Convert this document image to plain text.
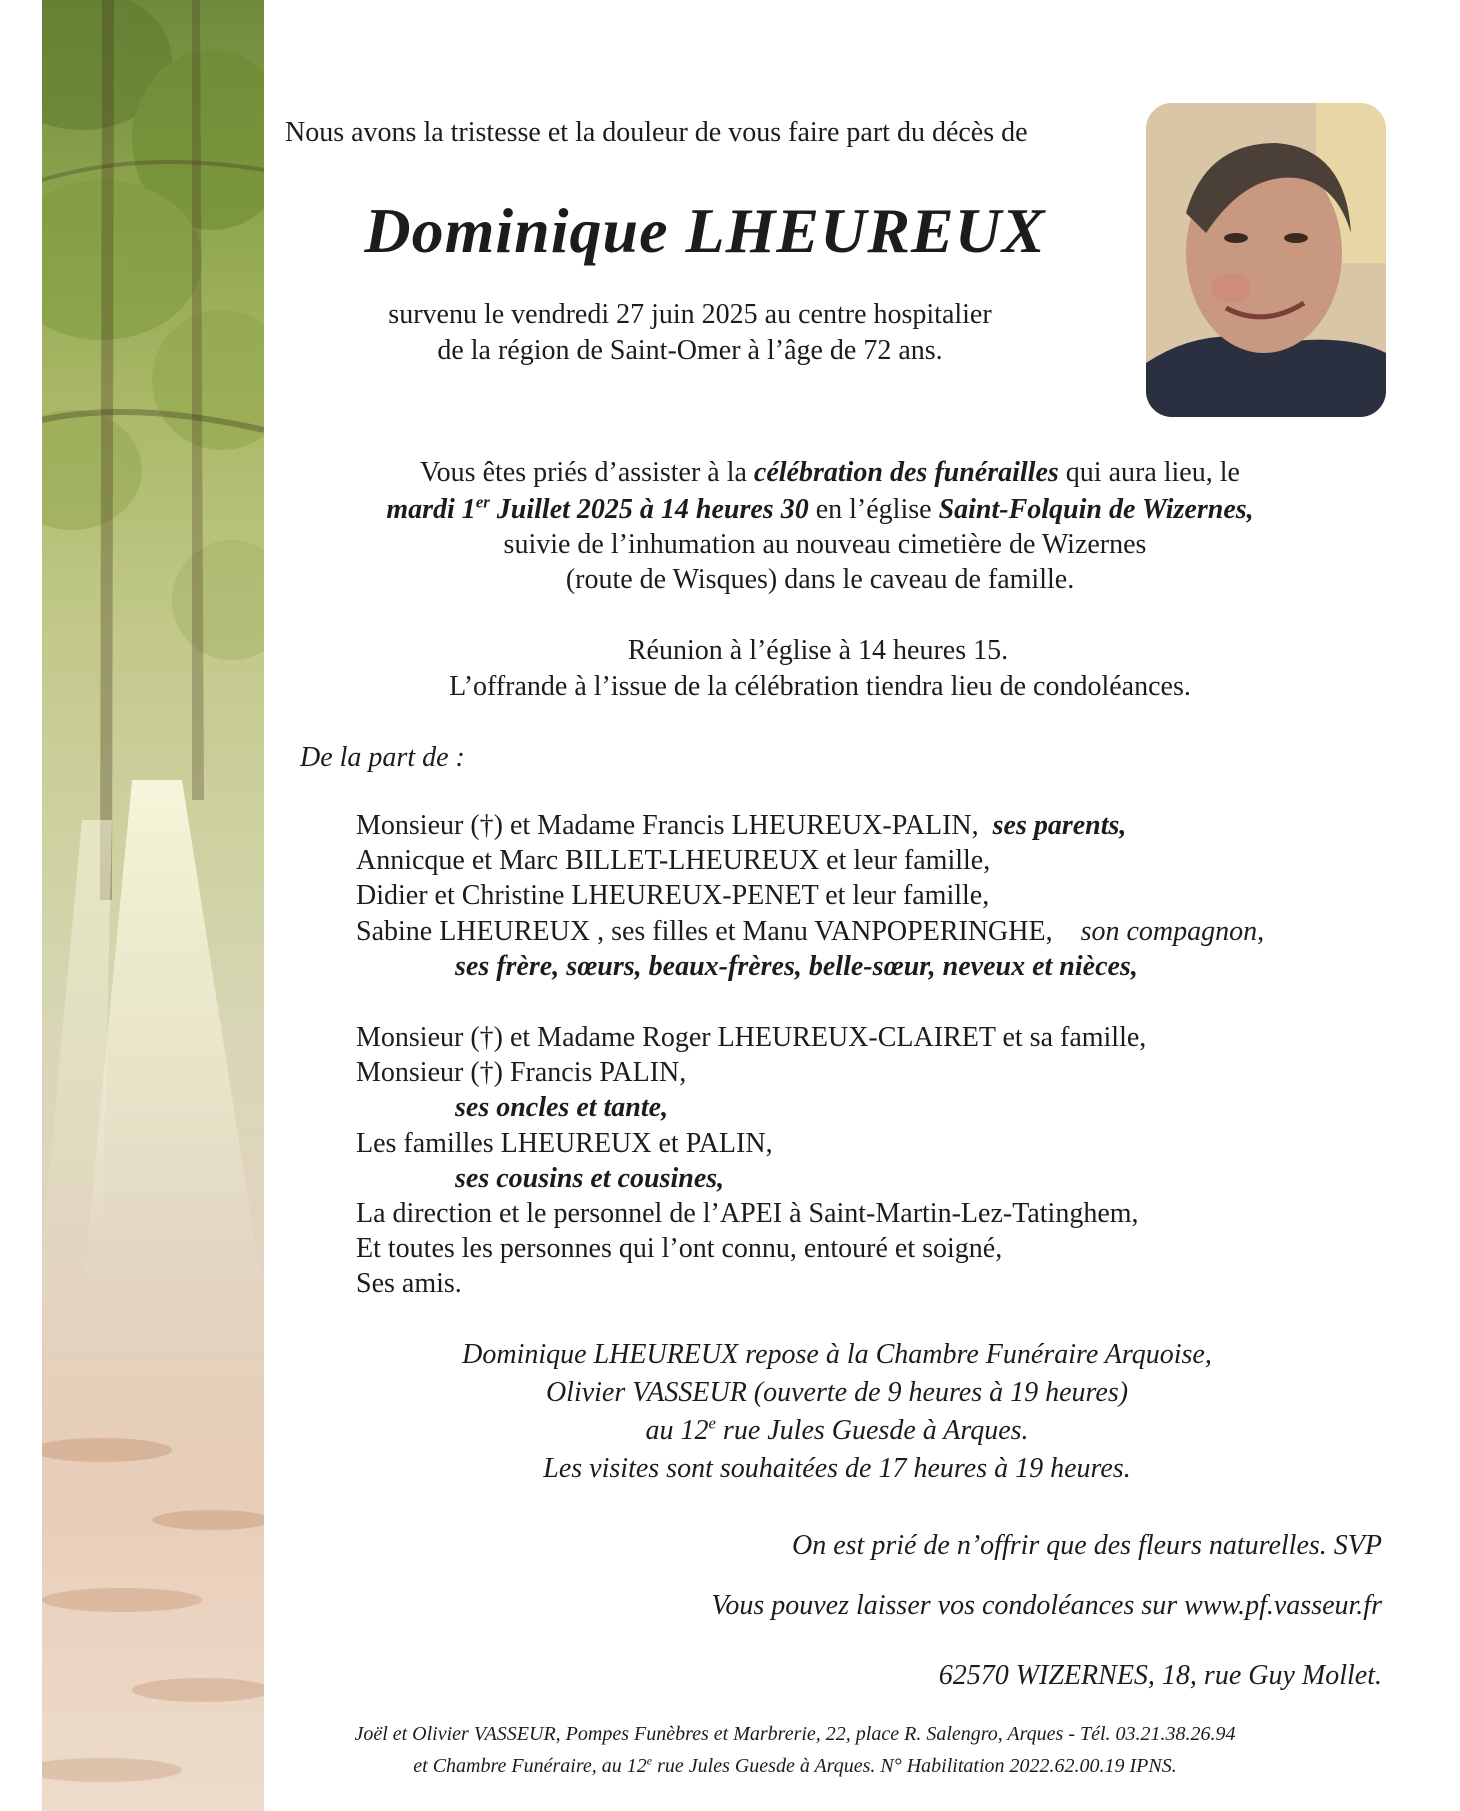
Nous avons la tristesse et la douleur de vous faire part du décès de
Dominique LHEUREUX
survenu le vendredi 27 juin 2025 au centre hospitalier
de la région de Saint-Omer à l’âge de 72 ans.
Vous êtes priés d’assister à la célébration des funérailles qui aura lieu, le
mardi 1er Juillet 2025 à 14 heures 30 en l’église Saint-Folquin de Wizernes,
suivie de l’inhumation au nouveau cimetière de Wizernes
(route de Wisques) dans le caveau de famille.
Réunion à l’église à 14 heures 15.
L’offrande à l’issue de la célébration tiendra lieu de condoléances.
De la part de :
Monsieur (†) et Madame Francis LHEUREUX-PALIN, ses parents,
Annicque et Marc BILLET-LHEUREUX et leur famille,
Didier et Christine LHEUREUX-PENET et leur famille,
Sabine LHEUREUX , ses filles et Manu VANPOPERINGHE, son compagnon,
ses frère, sœurs, beaux-frères, belle-sœur, neveux et nièces,
Monsieur (†) et Madame Roger LHEUREUX-CLAIRET et sa famille,
Monsieur (†) Francis PALIN,
ses oncles et tante,
Les familles LHEUREUX et PALIN,
ses cousins et cousines,
La direction et le personnel de l’APEI à Saint-Martin-Lez-Tatinghem,
Et toutes les personnes qui l’ont connu, entouré et soigné,
Ses amis.
Dominique LHEUREUX repose à la Chambre Funéraire Arquoise,
Olivier VASSEUR (ouverte de 9 heures à 19 heures)
au 12e rue Jules Guesde à Arques.
Les visites sont souhaitées de 17 heures à 19 heures.
On est prié de n’offrir que des fleurs naturelles. SVP
Vous pouvez laisser vos condoléances sur www.pf.vasseur.fr
62570 WIZERNES, 18, rue Guy Mollet.
Joël et Olivier VASSEUR, Pompes Funèbres et Marbrerie, 22, place R. Salengro, Arques - Tél. 03.21.38.26.94
et Chambre Funéraire, au 12e rue Jules Guesde à Arques. N° Habilitation 2022.62.00.19 IPNS.
